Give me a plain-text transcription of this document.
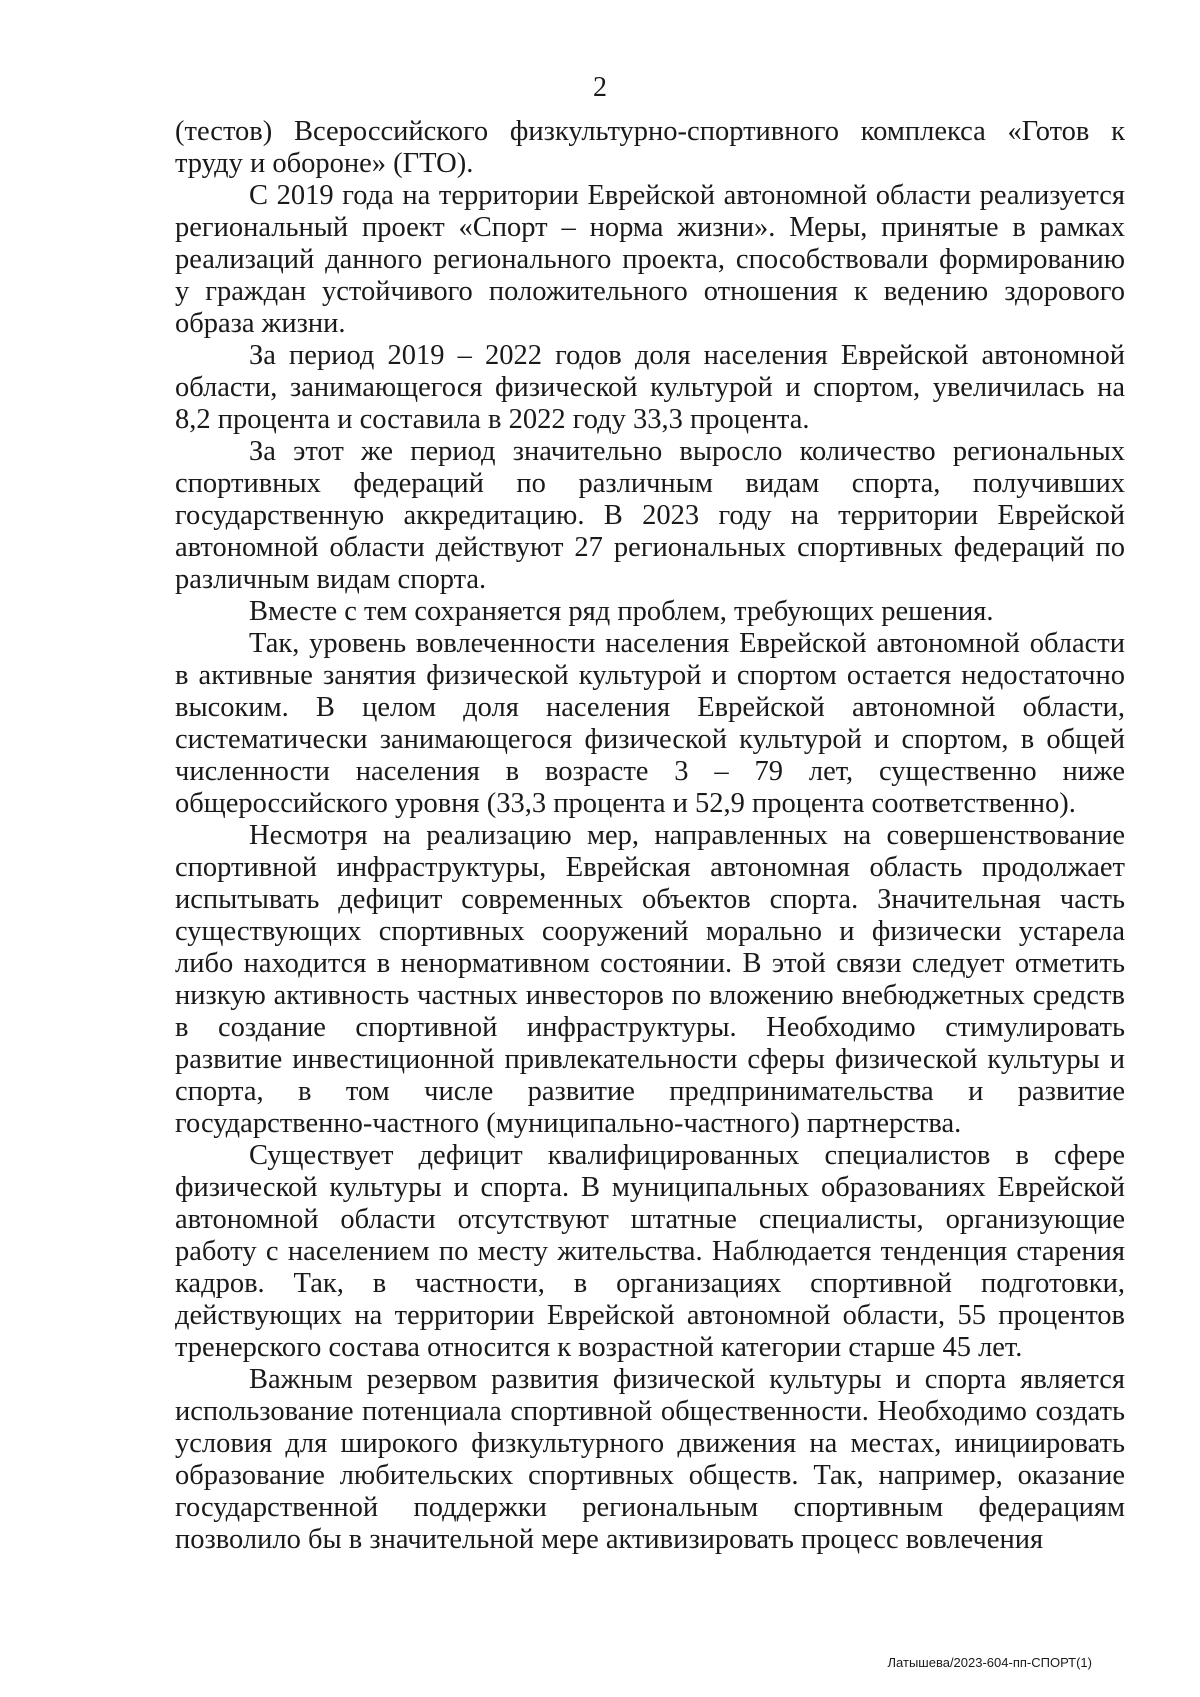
2

(тестов) Всероссийского физкультурно-спортивного комплекса «Готов к труду и обороне» (ГТО).

С 2019 года на территории Еврейской автономной области реализуется региональный проект «Спорт – норма жизни». Меры, принятые в рамках реализаций данного регионального проекта, способствовали формированию у граждан устойчивого положительного отношения к ведению здорового образа жизни.

За период 2019 – 2022 годов доля населения Еврейской автономной области, занимающегося физической культурой и спортом, увеличилась на 8,2 процента и составила в 2022 году 33,3 процента.

За этот же период значительно выросло количество региональных спортивных федераций по различным видам спорта, получивших государственную аккредитацию. В 2023 году на территории Еврейской автономной области действуют 27 региональных спортивных федераций по различным видам спорта.

Вместе с тем сохраняется ряд проблем, требующих решения.

Так, уровень вовлеченности населения Еврейской автономной области в активные занятия физической культурой и спортом остается недостаточно высоким. В целом доля населения Еврейской автономной области, систематически занимающегося физической культурой и спортом, в общей численности населения в возрасте 3 – 79 лет, существенно ниже общероссийского уровня (33,3 процента и 52,9 процента соответственно).

Несмотря на реализацию мер, направленных на совершенствование спортивной инфраструктуры, Еврейская автономная область продолжает испытывать дефицит современных объектов спорта. Значительная часть существующих спортивных сооружений морально и физически устарела либо находится в ненормативном состоянии. В этой связи следует отметить низкую активность частных инвесторов по вложению внебюджетных средств в создание спортивной инфраструктуры. Необходимо стимулировать развитие инвестиционной привлекательности сферы физической культуры и спорта, в том числе развитие предпринимательства и развитие государственно-частного (муниципально-частного) партнерства.

Существует дефицит квалифицированных специалистов в сфере физической культуры и спорта. В муниципальных образованиях Еврейской автономной области отсутствуют штатные специалисты, организующие работу с населением по месту жительства. Наблюдается тенденция старения кадров. Так, в частности, в организациях спортивной подготовки, действующих на территории Еврейской автономной области, 55 процентов тренерского состава относится к возрастной категории старше 45 лет.

Важным резервом развития физической культуры и спорта является использование потенциала спортивной общественности. Необходимо создать условия для широкого физкультурного движения на местах, инициировать образование любительских спортивных обществ. Так, например, оказание государственной поддержки региональным спортивным федерациям позволило бы в значительной мере активизировать процесс вовлечения

Латышева/2023-604-пп-СПОРТ(1)
